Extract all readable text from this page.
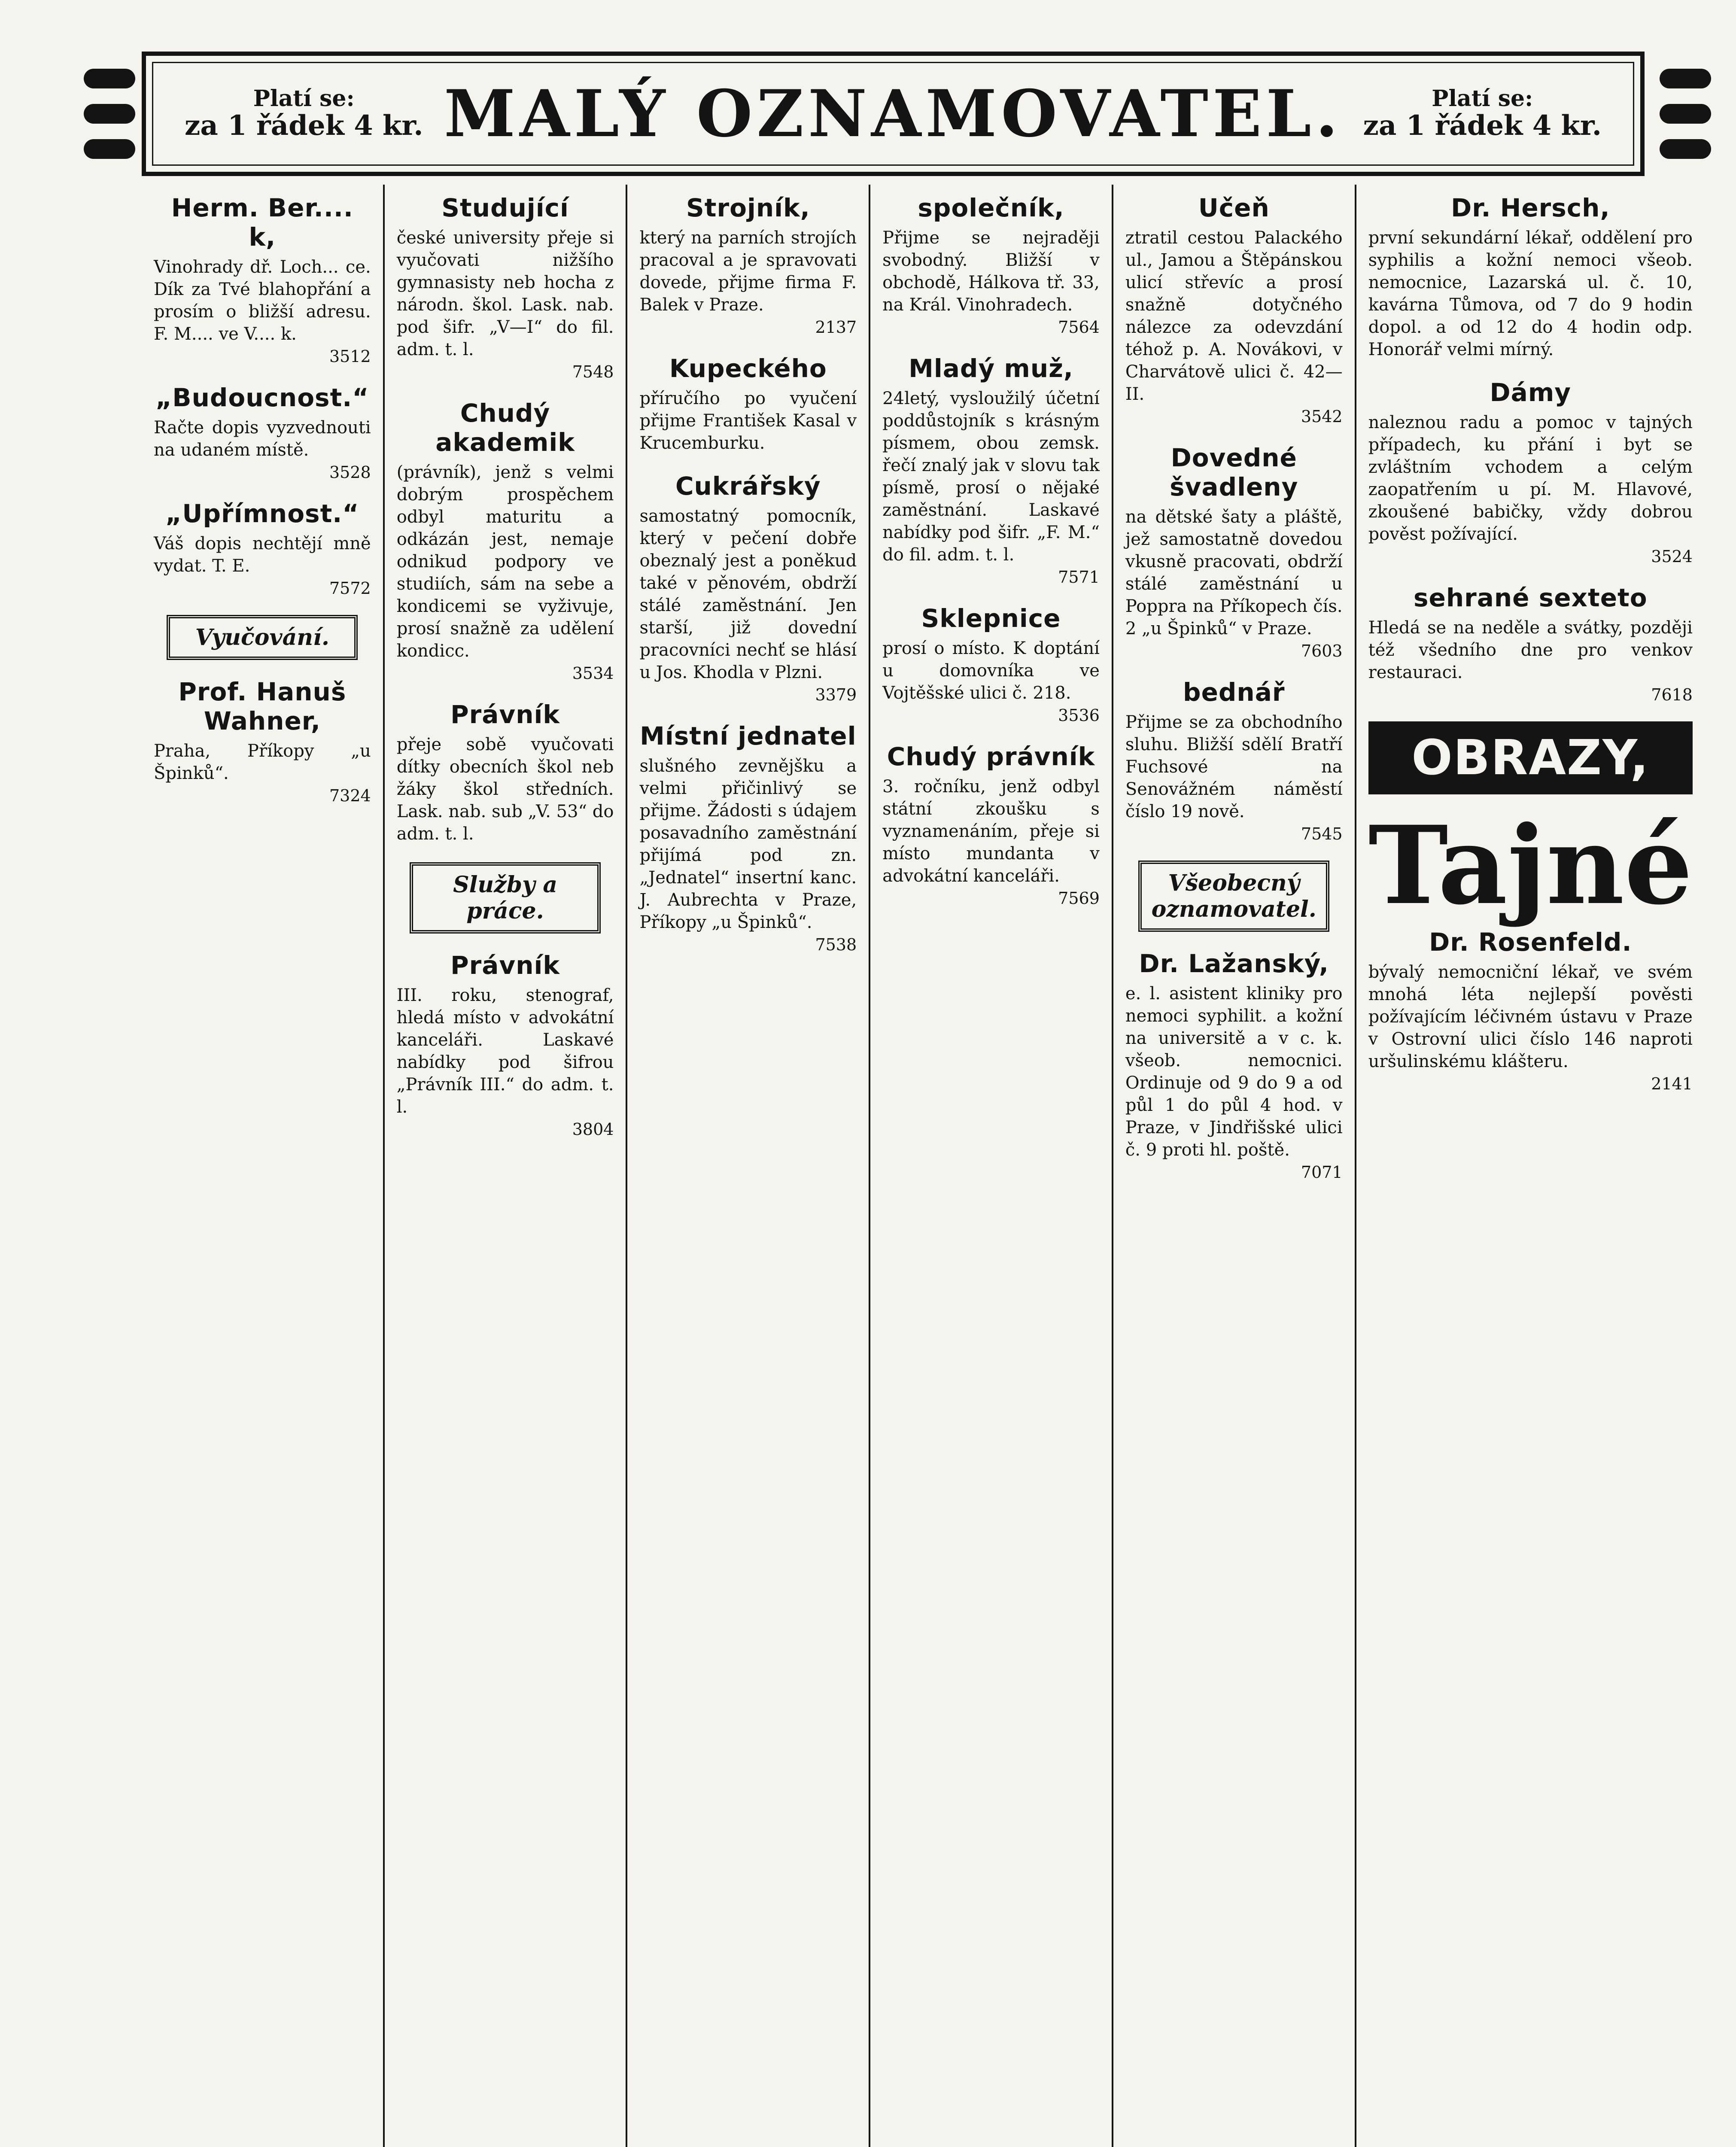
Platí se:
za 1 řádek 4 kr. MALÝ OZNAMOVATEL.	Platí se:
za 1 řádek 4 kr.
Herm. Ber.... k,

Vinohrady dř. Loch... ce. Dík za Tvé blahopřání a prosím o bližší adresu. F. M.... ve V.... k.

3512
„Budoucnost.“

Račte dopis vyzvednouti na udaném místě.

3528
„Upřímnost.“

Váš dopis nechtějí mně vydat. T. E.

7572
Vyučování.
Prof. Hanuš Wahner,

Praha, Příkopy „u Špinků“.

7324
Studující

české university přeje si vyučovati nižšího gymnasisty neb hocha z národn. škol. Lask. nab. pod šifr. „V—I“ do fil. adm. t. l.

7548
Chudý akademik

(právník), jenž s velmi dobrým prospěchem odbyl maturitu a odkázán jest, nemaje odnikud podpory ve studiích, sám na sebe a kondicemi se vyživuje, prosí snažně za udělení kondicc.

3534
Právník

přeje sobě vyučovati dítky obecních škol neb žáky škol středních. Lask. nab. sub „V. 53“ do adm. t. l.

Služby a práce.
Právník

III. roku, stenograf, hledá místo v advokátní kanceláři. Laskavé nabídky pod šifrou „Právník III.“ do adm. t. l.

3804
Strojník,

který na parních strojích pracoval a je spravovati dovede, přijme firma F. Balek v Praze.

2137
Kupeckého

příručího po vyučení přijme František Kasal v Krucemburku.

Cukrářský

samostatný pomocník, který v pečení dobře obeznalý jest a poněkud také v pěnovém, obdrží stálé zaměstnání. Jen starší, již dovední pracovníci nechť se hlásí u Jos. Khodla v Plzni.

3379
Místní jednatel

slušného zevnějšku a velmi přičinlivý se přijme. Žádosti s údajem posavadního zaměstnání přijímá pod zn. „Jednatel“ insertní kanc. J. Aubrechta v Praze, Příkopy „u Špinků“.

7538
společník,

Přijme se nejraději svobodný. Bližší v obchodě, Hálkova tř. 33, na Král. Vinohradech.

7564
Mladý muž,

24letý, vysloužilý účetní poddůstojník s krásným písmem, obou zemsk. řečí znalý jak v slovu tak písmě, prosí o nějaké zaměstnání. Laskavé nabídky pod šifr. „F. M.“ do fil. adm. t. l.

7571
Sklepnice

prosí o místo. K doptání u domovníka ve Vojtěšské ulici č. 218.

3536
Chudý právník

3. ročníku, jenž odbyl státní zkoušku s vyznamenáním, přeje si místo mundanta v advokátní kanceláři.

7569
Učeň

ztratil cestou Palackého ul., Jamou a Štěpánskou ulicí střevíc a prosí snažně dotyčného nálezce za odevzdání téhož p. A. Novákovi, v Charvátově ulici č. 42—II.

3542
Dovedné švadleny

na dětské šaty a pláště, jež samostatně dovedou vkusně pracovati, obdrží stálé zaměstnání u Poppra na Příkopech čís. 2 „u Špinků“ v Praze.

7603
bednář

Přijme se za obchodního sluhu. Bližší sdělí Bratří Fuchsové na Senovážném náměstí číslo 19 nově.

7545
Všeobecný oznamovatel.
Dr. Lažanský,

e. l. asistent kliniky pro nemoci syphilit. a kožní na universitě a v c. k. všeob. nemocnici. Ordinuje od 9 do 9 a od půl 1 do půl 4 hod. v Praze, v Jindřišské ulici č. 9 proti hl. poště.

7071
Dr. Hersch,

první sekundární lékař, oddělení pro syphilis a kožní nemoci všeob. nemocnice, Lazarská ul. č. 10, kavárna Tůmova, od 7 do 9 hodin dopol. a od 12 do 4 hodin odp. Honorář velmi mírný.

Dámy

naleznou radu a pomoc v tajných případech, ku přání i byt se zvláštním vchodem a celým zaopatřením u pí. M. Hlavové, zkoušené babičky, vždy dobrou pověst požívající.

3524
sehrané sexteto

Hledá se na neděle a svátky, později též všedního dne pro venkov restauraci.

7618
OBRAZY,
Tajné
Dr. Rosenfeld.

bývalý nemocniční lékař, ve svém mnohá léta nejlepší pověsti požívajícím léčivném ústavu v Praze v Ostrovní ulici číslo 146 naproti uršulinskému klášteru.

2141
